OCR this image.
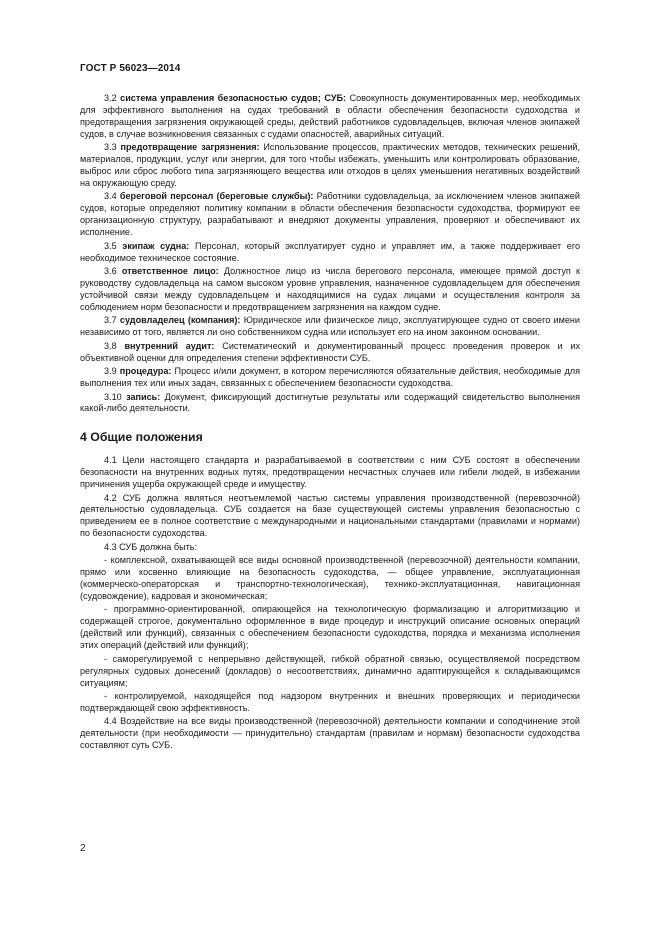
ГОСТ Р 56023—2014

3.2 система управления безопасностью судов; СУБ: Совокупность документированных мер, необходимых для эффективного выполнения на судах требований в области обеспечения безопасности судоходства и предотвращения загрязнения окружающей среды, действий работников судовладельцев, включая членов экипажей судов, в случае возникновения связанных с судами опасностей, аварийных ситуаций.

3.3 предотвращение загрязнения: Использование процессов, практических методов, технических решений, материалов, продукции, услуг или энергии, для того чтобы избежать, уменьшить или контролировать образование, выброс или сброс любого типа загрязняющего вещества или отходов в целях уменьшения негативных воздействий на окружающую среду.

3.4 береговой персонал (береговые службы): Работники судовладельца, за исключением членов экипажей судов, которые определяют политику компании в области обеспечения безопасности судоходства, формируют ее организационную структуру, разрабатывают и внедряют документы управления, проверяют и обеспечивают их исполнение.

3.5 экипаж судна: Персонал, который эксплуатирует судно и управляет им, а также поддерживает его необходимое техническое состояние.

3.6 ответственное лицо: Должностное лицо из числа берегового персонала, имеющее прямой доступ к руководству судовладельца на самом высоком уровне управления, назначенное судовладельцем для обеспечения устойчивой связи между судовладельцем и находящимися на судах лицами и осуществления контроля за соблюдением норм безопасности и предотвращением загрязнения на каждом судне.

3.7 судовладелец (компания): Юридическое или физическое лицо, эксплуатирующее судно от своего имени независимо от того, является ли оно собственником судна или использует его на ином законном основании.

3.8 внутренний аудит: Систематический и документированный процесс проведения проверок и их объективной оценки для определения степени эффективности СУБ.

3.9 процедура: Процесс и/или документ, в котором перечисляются обязательные действия, необходимые для выполнения тех или иных задач, связанных с обеспечением безопасности судоходства.

3.10 запись: Документ, фиксирующий достигнутые результаты или содержащий свидетельство выполнения какой-либо деятельности.

4 Общие положения

4.1 Цели настоящего стандарта и разрабатываемой в соответствии с ним СУБ состоят в обеспечении безопасности на внутренних водных путях, предотвращении несчастных случаев или гибели людей, в избежании причинения ущерба окружающей среде и имуществу.

4.2 СУБ должна являться неотъемлемой частью системы управления производственной (перевозочной) деятельностью судовладельца. СУБ создается на базе существующей системы управления безопасностью с приведением ее в полное соответствие с международными и национальными стандартами (правилами и нормами) по безопасности судоходства.

4.3 СУБ должна быть:

- комплексной, охватывающей все виды основной производственной (перевозочной) деятельности компании, прямо или косвенно влияющие на безопасность судоходства, — общее управление, эксплуатационная (коммерческо-операторская и транспортно-технологическая), технико-эксплуатационная, навигационная (судовождение), кадровая и экономическая;

- программно-ориентированной, опирающейся на технологическую формализацию и алгоритмизацию и содержащей строгое, документально оформленное в виде процедур и инструкций описание основных операций (действий или функций), связанных с обеспечением безопасности судоходства, порядка и механизма исполнения этих операций (действий или функций);

- саморегулируемой с непрерывно действующей, гибкой обратной связью, осуществляемой посредством регулярных судовых донесений (докладов) о несоответствиях, динамично адаптирующейся к складывающимся ситуациям;

- контролируемой, находящейся под надзором внутренних и внешних проверяющих и периодически подтверждающей свою эффективность.

4.4 Воздействие на все виды производственной (перевозочной) деятельности компании и соподчинение этой деятельности (при необходимости — принудительно) стандартам (правилам и нормам) безопасности судоходства составляют суть СУБ.

2
